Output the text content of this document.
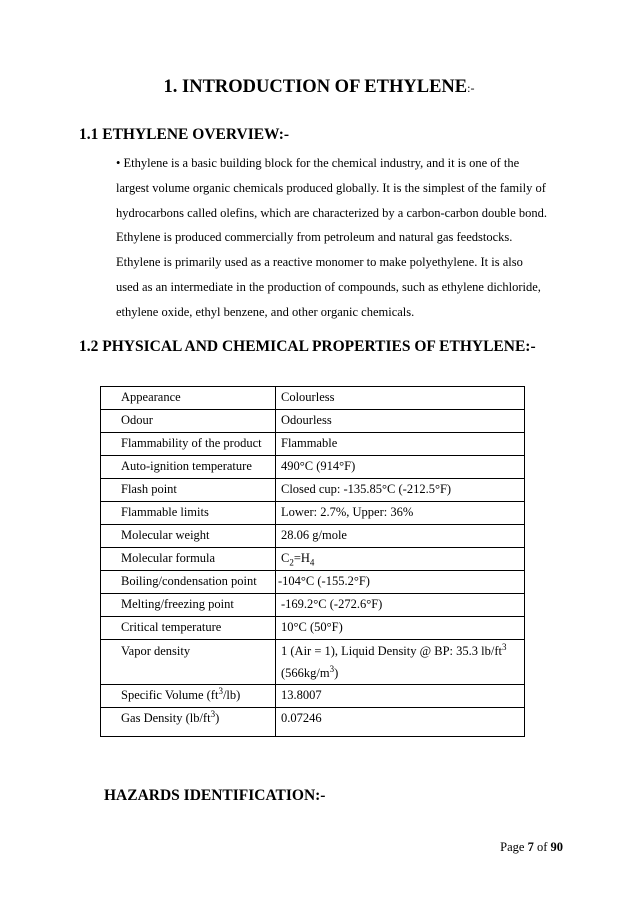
1. INTRODUCTION OF ETHYLENE:-
1.1 ETHYLENE OVERVIEW:-

• Ethylene is a basic building block for the chemical industry, and it is one of the
largest volume organic chemicals produced globally. It is the simplest of the family of
hydrocarbons called olefins, which are characterized by a carbon-carbon double bond.
Ethylene is produced commercially from petroleum and natural gas feedstocks.
Ethylene is primarily used as a reactive monomer to make polyethylene. It is also
used as an intermediate in the production of compounds, such as ethylene dichloride,
ethylene oxide, ethyl benzene, and other organic chemicals.

1.2 PHYSICAL AND CHEMICAL PROPERTIES OF ETHYLENE:-
Appearance	Colourless
Odour	Odourless
Flammability of the product	Flammable
Auto-ignition temperature	490°C (914°F)
Flash point	Closed cup: -135.85°C (-212.5°F)
Flammable limits	Lower: 2.7%, Upper: 36%
Molecular weight	28.06 g/mole
Molecular formula	$C_2=H_4$
Boiling/condensation point	-104°C (-155.2°F)
Melting/freezing point	-169.2°C (-272.6°F)
Critical temperature	10°C (50°F)
Vapor density	1 (Air = 1), Liquid Density @ BP: 35.3 $lb/ft^3$
$(566kg/m^3)$
Specific Volume $(ft^3/lb)$	13.8007
Gas Density $(lb/ft^3)$	0.07246
HAZARDS IDENTIFICATION:-
Page 7 of 90
